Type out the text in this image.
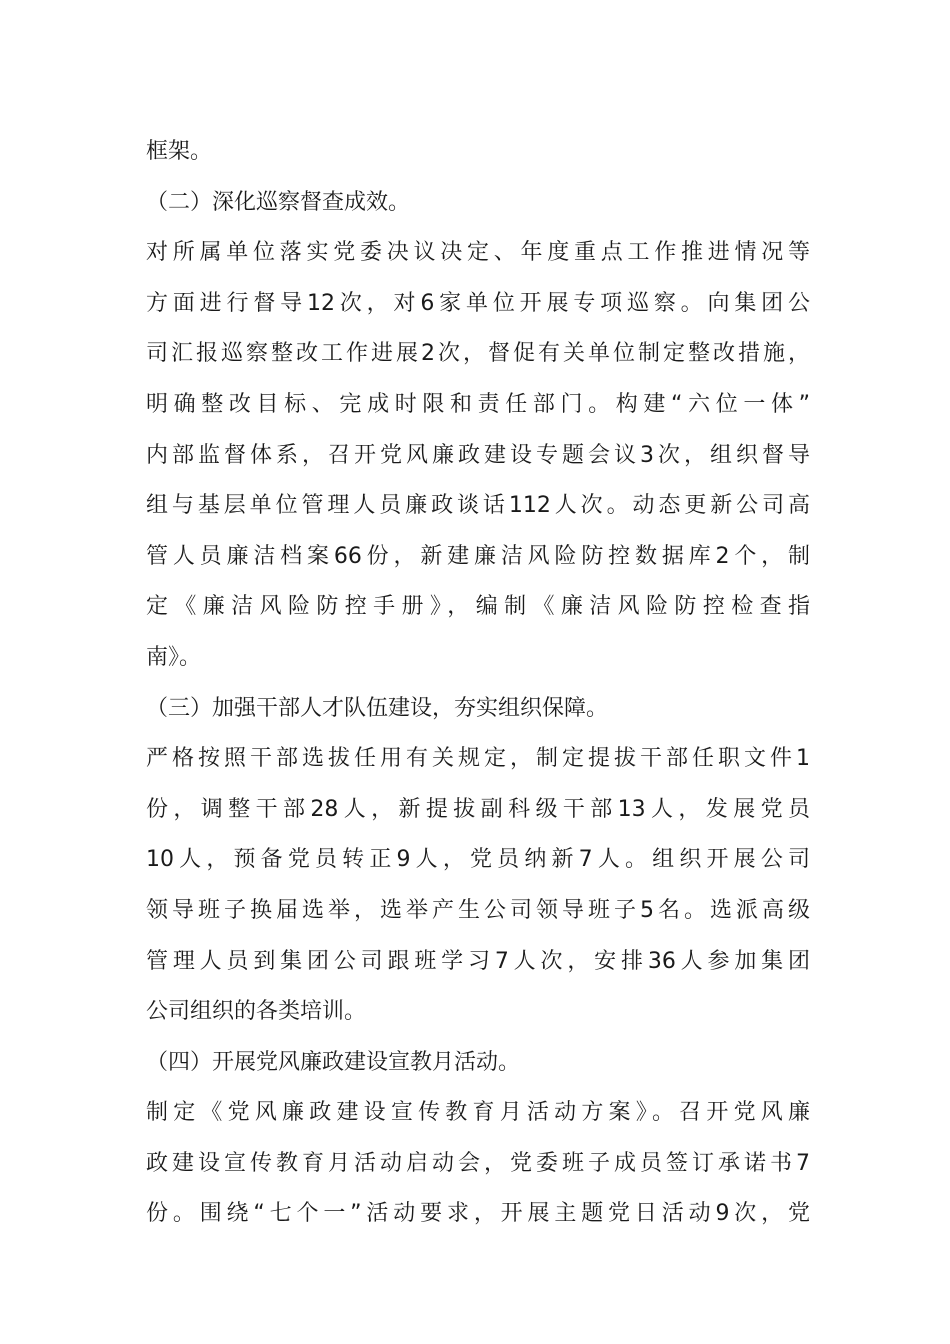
框架。
（二）深化巡察督查成效。
对所属单位落实党委决议决定、年度重点工作推进情况等
方面进行督导12次，对6家单位开展专项巡察。向集团公
司汇报巡察整改工作进展2次，督促有关单位制定整改措施，
明确整改目标、完成时限和责任部门。构建“六位一体”
内部监督体系，召开党风廉政建设专题会议3次，组织督导
组与基层单位管理人员廉政谈话112人次。动态更新公司高
管人员廉洁档案66份，新建廉洁风险防控数据库2个，制
定《廉洁风险防控手册》，编制《廉洁风险防控检查指
南》。
（三）加强干部人才队伍建设，夯实组织保障。
严格按照干部选拔任用有关规定，制定提拔干部任职文件1
份，调整干部28人，新提拔副科级干部13人，发展党员
10人，预备党员转正9人，党员纳新7人。组织开展公司
领导班子换届选举，选举产生公司领导班子5名。选派高级
管理人员到集团公司跟班学习7人次，安排36人参加集团
公司组织的各类培训。
（四）开展党风廉政建设宣教月活动。
制定《党风廉政建设宣传教育月活动方案》。召开党风廉
政建设宣传教育月活动启动会，党委班子成员签订承诺书7
份。围绕“七个一”活动要求，开展主题党日活动9次，党
